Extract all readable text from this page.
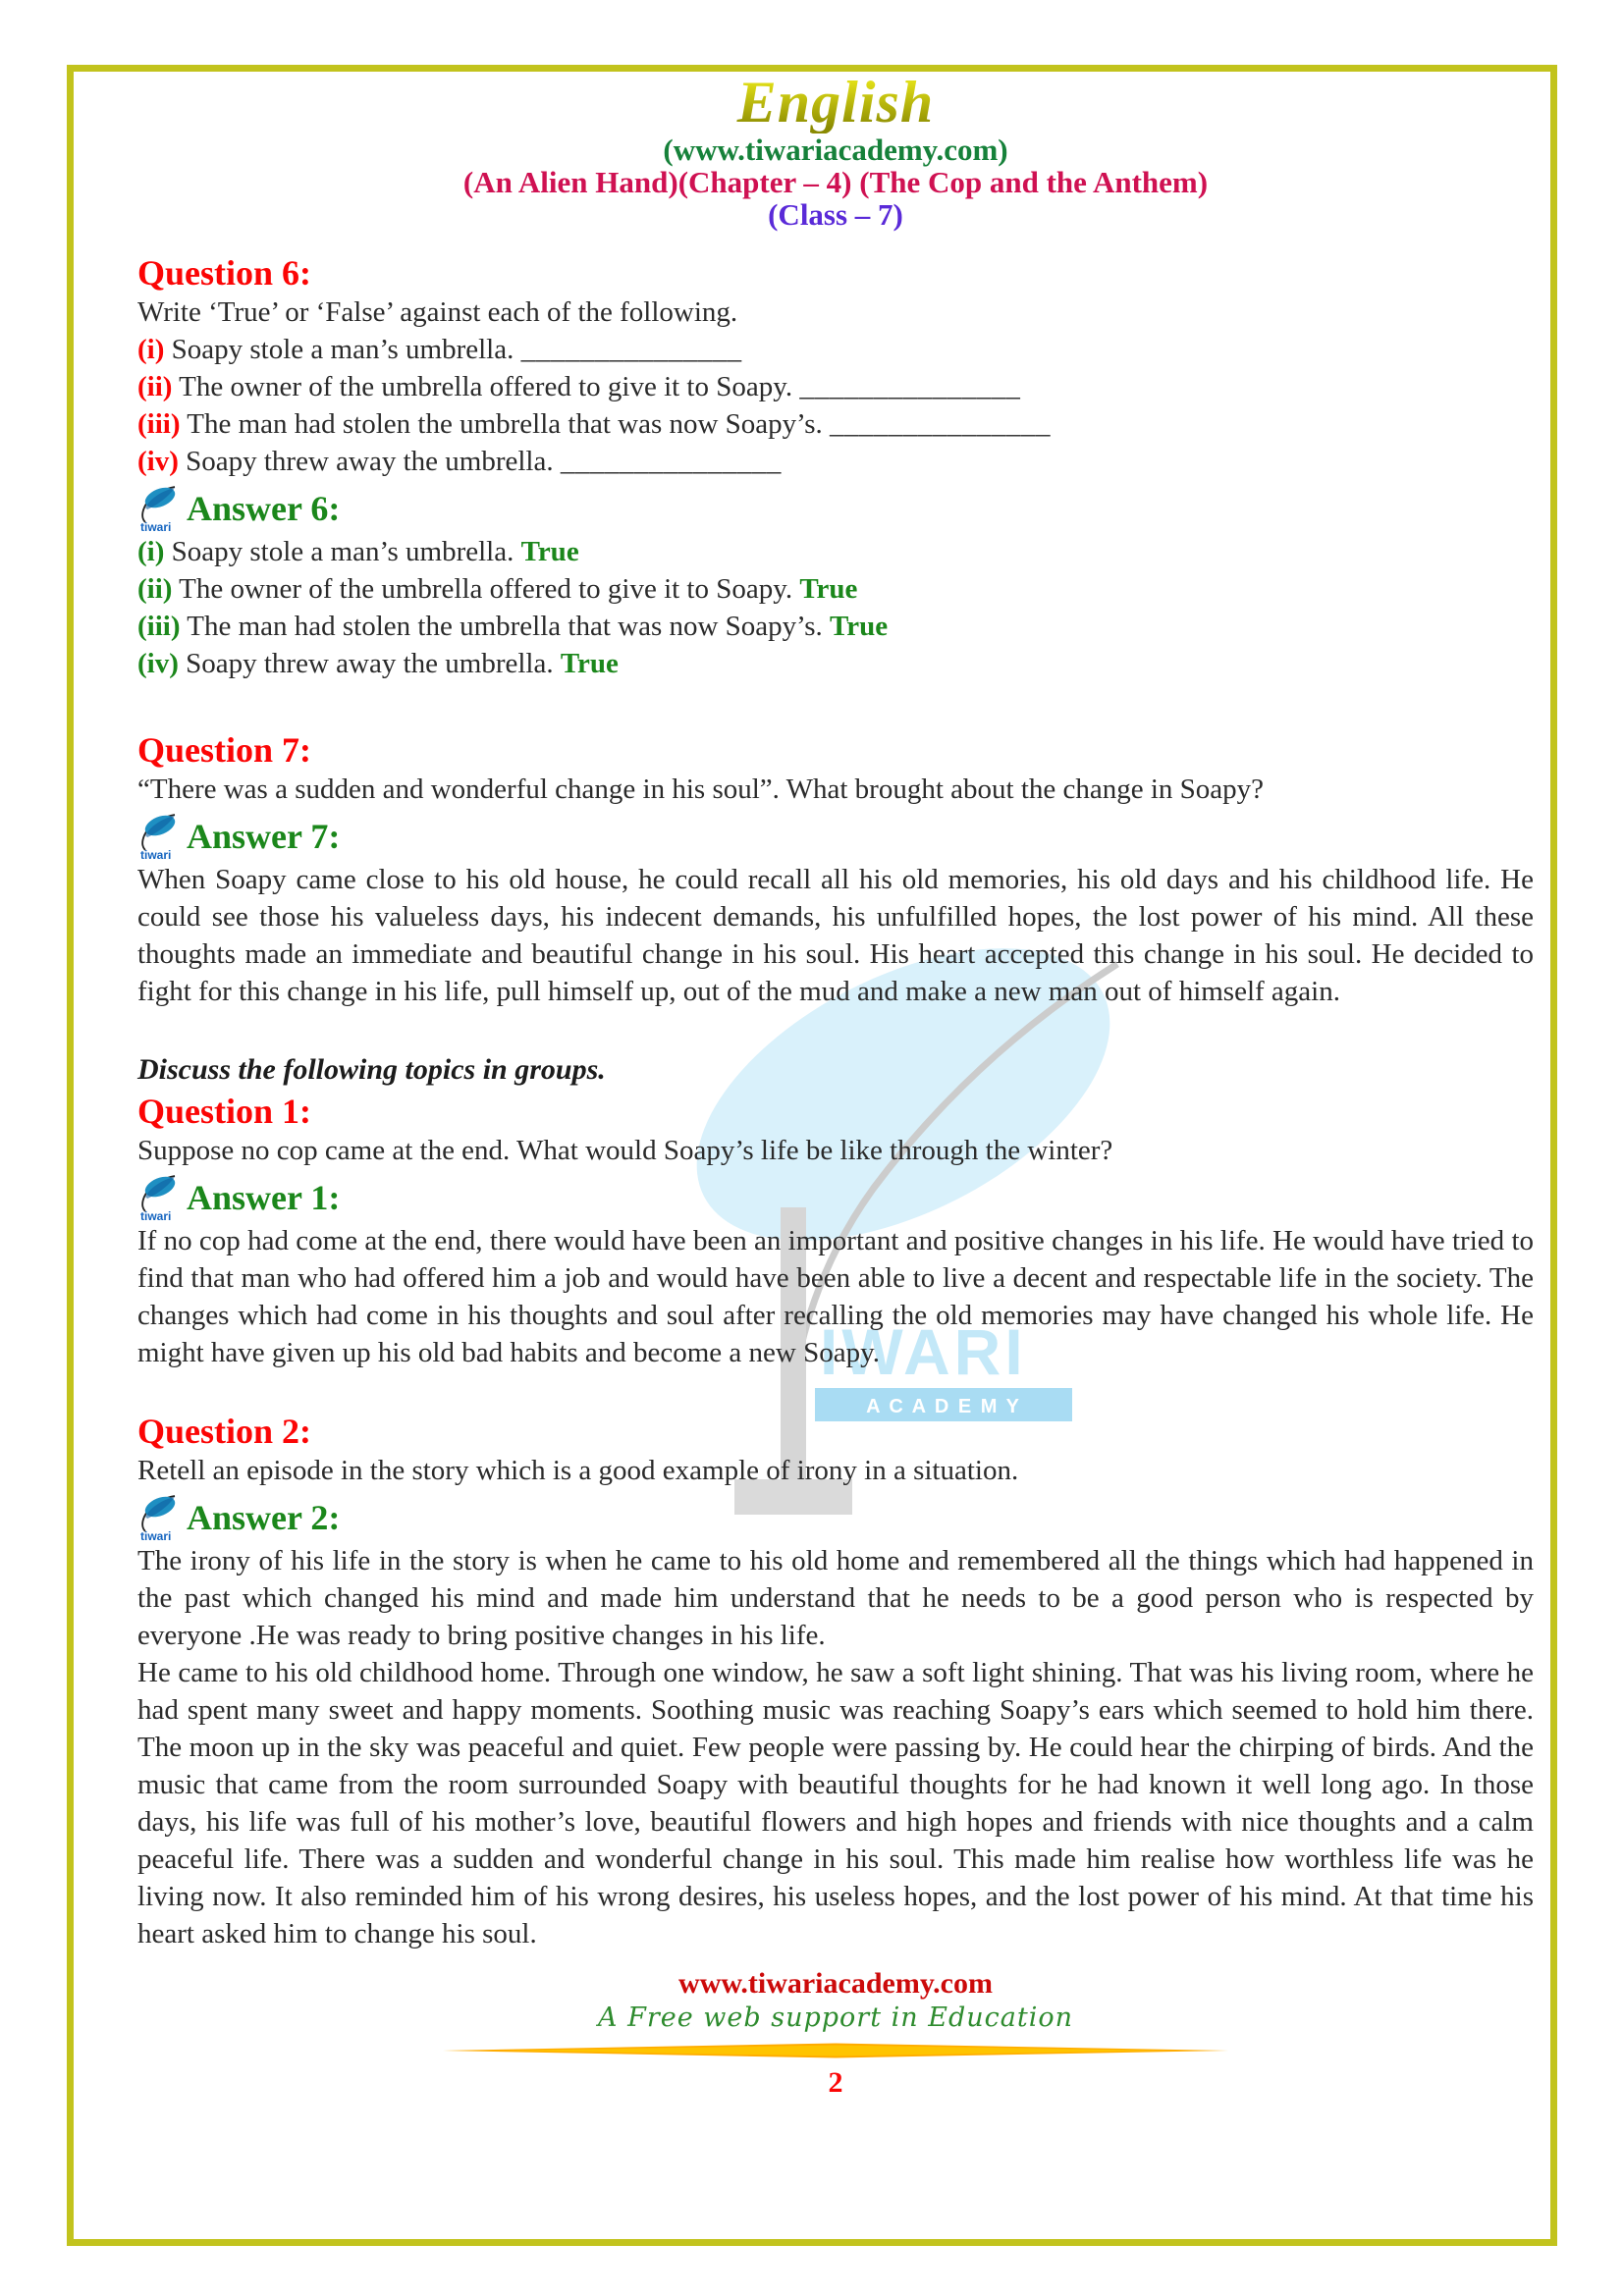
IWARI
A C A D E M Y
English
(www.tiwariacademy.com)
(An Alien Hand)(Chapter – 4) (The Cop and the Anthem)
(Class – 7)
Question 6:
Write ‘True’ or ‘False’ against each of the following.
(i) Soapy stole a man’s umbrella. _______________
(ii) The owner of the umbrella offered to give it to Soapy. _______________
(iii) The man had stolen the umbrella that was now Soapy’s. _______________
(iv) Soapy threw away the umbrella. _______________
tiwari Answer 6:
(i) Soapy stole a man’s umbrella. True
(ii) The owner of the umbrella offered to give it to Soapy. True
(iii) The man had stolen the umbrella that was now Soapy’s. True
(iv) Soapy threw away the umbrella. True
Question 7:
“There was a sudden and wonderful change in his soul”. What brought about the change in Soapy?
tiwari Answer 7:

When Soapy came close to his old house, he could recall all his old memories, his old days and his childhood life. He could see those his valueless days, his indecent demands, his unfulfilled hopes, the lost power of his mind. All these thoughts made an immediate and beautiful change in his soul. His heart accepted this change in his soul. He decided to fight for this change in his life, pull himself up, out of the mud and make a new man out of himself again.

Discuss the following topics in groups.
Question 1:
Suppose no cop came at the end. What would Soapy’s life be like through the winter?
tiwari Answer 1:

If no cop had come at the end, there would have been an important and positive changes in his life. He would have tried to find that man who had offered him a job and would have been able to live a decent and respectable life in the society. The changes which had come in his thoughts and soul after recalling the old memories may have changed his whole life. He might have given up his old bad habits and become a new Soapy.

Question 2:
Retell an episode in the story which is a good example of irony in a situation.
tiwari Answer 2:

The irony of his life in the story is when he came to his old home and remembered all the things which had happened in the past which changed his mind and made him understand that he needs to be a good person who is respected by everyone .He was ready to bring positive changes in his life.

He came to his old childhood home. Through one window, he saw a soft light shining. That was his living room, where he had spent many sweet and happy moments. Soothing music was reaching Soapy’s ears which seemed to hold him there. The moon up in the sky was peaceful and quiet. Few people were passing by. He could hear the chirping of birds. And the music that came from the room surrounded Soapy with beautiful thoughts for he had known it well long ago. In those days, his life was full of his mother’s love, beautiful flowers and high hopes and friends with nice thoughts and a calm peaceful life. There was a sudden and wonderful change in his soul. This made him realise how worthless life was he living now. It also reminded him of his wrong desires, his useless hopes, and the lost power of his mind. At that time his heart asked him to change his soul.

www.tiwariacademy.com
A Free web support in Education
2
